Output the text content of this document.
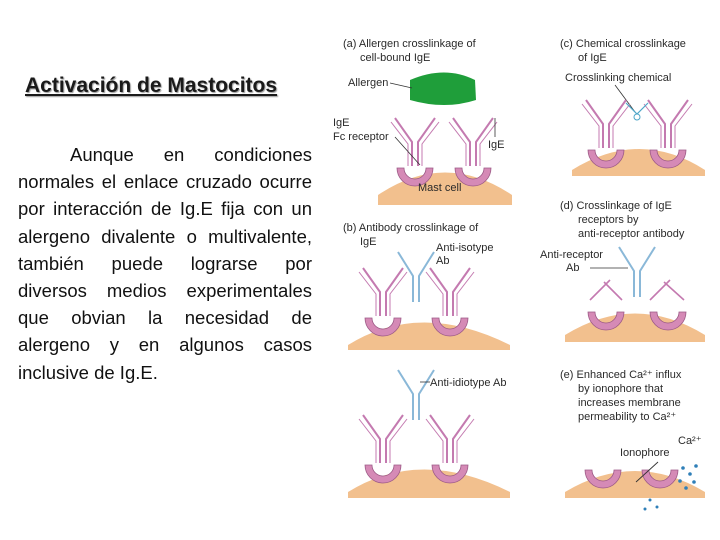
Activación de Mastocitos
Aunque en condiciones normales el enlace cruzado ocurre por interacción de Ig.E fija con un alergeno divalente o multivalente, también puede lograrse por diversos medios experimentales que obvian la necesidad de alergeno y en algunos casos inclusive de Ig.E.
(a) Allergen crosslinkage of
cell-bound IgE
Allergen
IgE
Fc receptor
IgE
Mast cell
(b) Antibody crosslinkage of
IgE	Anti-isotype
Ab
Anti-idiotype Ab
(c) Chemical crosslinkage
of IgE
Crosslinking chemical
(d) Crosslinkage of IgE
receptors by
anti-receptor antibody
Anti-receptor
Ab
(e) Enhanced Ca²⁺ influx
by ionophore that
increases membrane
permeability to Ca²⁺
Ionophore
Ca²⁺
